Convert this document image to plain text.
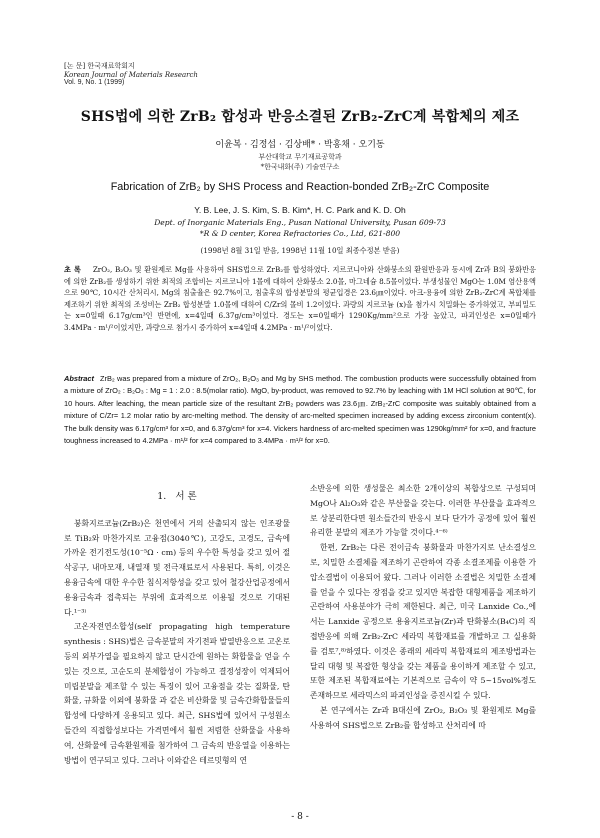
[논 문] 한국재료학회지
Korean Journal of Materials Research
Vol. 9, No. 1 (1999)
SHS법에 의한 ZrB₂ 합성과 반응소결된 ZrB₂-ZrC계 복합체의 제조
이윤복 · 김정섭 · 김상배* · 박홍채 · 오기동
부산대학교 무기재료공학과
*한국내화(주) 기술연구소
Fabrication of ZrB₂ by SHS Process and Reaction-bonded ZrB₂-ZrC Composite
Y. B. Lee, J. S. Kim, S. B. Kim*, H. C. Park and K. D. Oh
Dept. of Inorganic Materials Eng., Pusan National University, Pusan 609-73
*R & D center, Korea Refractories Co., Ltd, 621-800
(1998년 8월 31일 받음, 1998년 11월 10일 최종수정본 받음)
초 록 ZrO₂, B₂O₃ 및 환원제로 Mg를 사용하여 SHS법으로 ZrB₂를 합성하였다. 지르코니아와 산화붕소의 환원반응과 동시에 Zr과 B의 붕화반응에 의한 ZrB₂를 생성하기 위한 최적의 조합비는 지르코니아 1몰에 대하여 산화붕소 2.0몰, 마그네슘 8.5몰이었다. 부생성물인 MgO는 1.0M 염산용액으로 90℃, 10시간 산처리시, Mg의 침출율은 92.7%이고, 침출후의 합성분말의 평균입경은 23.6㎛이었다. 아크-용융에 의한 ZrB₂-ZrC계 복합체를 제조하기 위한 최적의 조성비는 ZrB₂ 합성분말 1.0몰에 대하여 C/Zr의 몰비 1.2이었다. 과량의 지르코늄 (x)을 첨가시 치밀화는 증가하였고, 부피밀도는 x=0일때 6.17g/cm³인 반면에, x=4일때 6.37g/cm³이었다. 경도는 x=0일때가 1290Kg/mm²으로 가장 높았고, 파괴인성은 x=0일때가 3.4MPa · m¹/²이었지만, 과량으로 첨가시 증가하여 x=4일때 4.2MPa · m¹/²이었다.
Abstract ZrB₂ was prepared from a mixture of ZrO₂, B₂O₃ and Mg by SHS method. The combustion products were successfully obtained from a mixture of ZrO₂ : B₂O₃ : Mg = 1 : 2.0 : 8.5(molar ratio). MgO, by-product, was removed to 92.7% by leaching with 1M HCl solution at 90℃, for 10 hours. After leaching, the mean particle size of the resultant ZrB₂ powders was 23.6㎛. ZrB₂-ZrC composite was suitably obtained from a mixture of C/Zr= 1.2 molar ratio by arc-melting method. The density of arc-melted specimen increased by adding excess zirconium content(x). The bulk density was 6.17g/cm³ for x=0, and 6.37g/cm³ for x=4. Vickers hardness of arc-melted specimen was 1290kg/mm² for x=0, and fracture toughness increased to 4.2MPa · m¹/² for x=4 compared to 3.4MPa · m¹/² for x=0.
1. 서 론

붕화지르코늄(ZrB₂)은 천연에서 거의 산출되지 않는 인조광물로 TiB₂와 마찬가지로 고융점(3040℃), 고강도, 고경도, 금속에 가까운 전기전도성(10⁻⁵Ω · cm) 등의 우수한 특성을 갖고 있어 절삭공구, 내마모재, 내열재 및 전극재료로서 사용된다. 특히, 이것은 용융금속에 대한 우수한 침식저항성을 갖고 있어 철강산업공정에서 용융금속과 접촉되는 부위에 효과적으로 이용될 것으로 기대된다.¹⁻³⁾

고온자전연소합성(self propagating high temperature synthesis : SHS)법은 금속분말의 자기전파 발열반응으로 고온로 등의 외부가열을 필요하지 않고 단시간에 원하는 화합물을 얻을 수 있는 것으로, 고순도의 분체합성이 가능하고 결정성장이 억제되어 미립분말을 제조할 수 있는 특징이 있어 고융점을 갖는 질화물, 탄화물, 규화물 이외에 붕화물 과 같은 비산화물 및 금속간화합물들의 합성에 다양하게 응용되고 있다. 최근, SHS법에 있어서 구성원소들간의 직접합성보다는 가격면에서 훨씬 저렴한 산화물을 사용하여, 산화물에 금속환원제를 첨가하여 그 금속의 반응열을 이용하는 방법이 연구되고 있다. 그러나 이와같은 테르밋형의 연

소반응에 의한 생성물은 최소한 2개이상의 복합상으로 구성되며 MgO나 Al₂O₃와 같은 부산물을 갖는다. 이러한 부산물을 효과적으로 상분리한다면 원소들간의 반응시 보다 단가가 공정에 있어 훨씬 유리한 분말의 제조가 가능할 것이다.⁴⁻⁶⁾

한편, ZrB₂는 다른 전이금속 붕화물과 마찬가지로 난소결성으로, 치밀한 소결체를 제조하기 곤란하여 각종 소결조제를 이용한 가압소결법이 이용되어 왔다. 그러나 이러한 소결법은 치밀한 소결체를 얻을 수 있다는 장점을 갖고 있지만 복잡한 대형제품을 제조하기 곤란하여 사용분야가 극히 제한된다. 최근, 미국 Lanxide Co.,에서는 Lanxide 공정으로 용융지르코늄(Zr)과 탄화붕소(B₄C)의 직접반응에 의해 ZrB₂-ZrC 세라믹 복합재료를 개발하고 그 실용화를 검토⁷,⁸⁾하였다. 이것은 종래의 세라믹 복합재료의 제조방법과는 달리 대형 및 복잡한 형상을 갖는 제품을 용이하게 제조할 수 있고, 또한 제조된 복합재료에는 기본적으로 금속이 약 5~15vol%정도 존재하므로 세라믹스의 파괴인성을 증진시킬 수 있다.

본 연구에서는 Zr과 B대신에 ZrO₂, B₂O₃ 및 환원제로 Mg를 사용하여 SHS법으로 ZrB₂를 합성하고 산처리에 따

- 8 -
